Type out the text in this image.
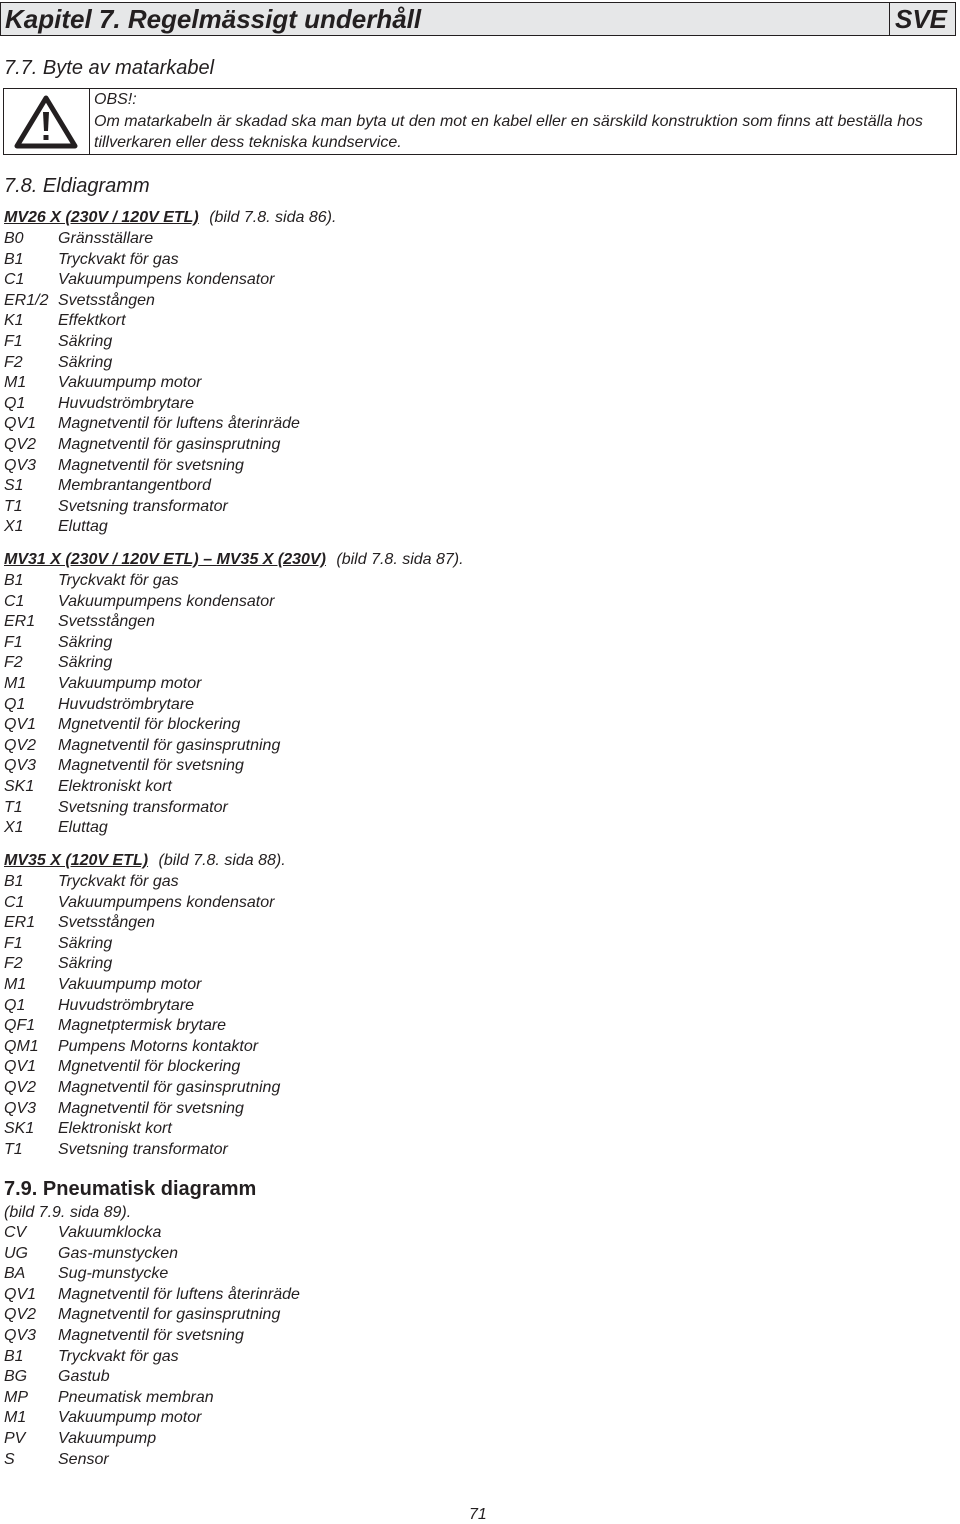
Kapitel 7. Regelmässigt underhåll	SVE
7.7. Byte av matarkabel
OBS!:
Om matarkabeln är skadad ska man byta ut den mot en kabel eller en särskild konstruktion som finns att beställa hos tillverkaren eller dess tekniska kundservice.
7.8. Eldiagramm
MV26 X (230V / 120V ETL) (bild 7.8. sida 86).
B0 Gränsställare
B1 Tryckvakt för gas
C1 Vakuumpumpens kondensator
ER1/2 Svetsstången
K1 Effektkort
F1 Säkring
F2 Säkring
M1 Vakuumpump motor
Q1 Huvudströmbrytare
QV1 Magnetventil för luftens återinräde
QV2 Magnetventil för gasinsprutning
QV3 Magnetventil för svetsning
S1 Membrantangentbord
T1 Svetsning transformator
X1 Eluttag
MV31 X (230V / 120V ETL) – MV35 X (230V) (bild 7.8. sida 87).
B1 Tryckvakt för gas
C1 Vakuumpumpens kondensator
ER1 Svetsstången
F1 Säkring
F2 Säkring
M1 Vakuumpump motor
Q1 Huvudströmbrytare
QV1 Mgnetventil för blockering
QV2 Magnetventil för gasinsprutning
QV3 Magnetventil för svetsning
SK1 Elektroniskt kort
T1 Svetsning transformator
X1 Eluttag
MV35 X (120V ETL) (bild 7.8. sida 88).
B1 Tryckvakt för gas
C1 Vakuumpumpens kondensator
ER1 Svetsstången
F1 Säkring
F2 Säkring
M1 Vakuumpump motor
Q1 Huvudströmbrytare
QF1 Magnetptermisk brytare
QM1 Pumpens Motorns kontaktor
QV1 Mgnetventil för blockering
QV2 Magnetventil för gasinsprutning
QV3 Magnetventil för svetsning
SK1 Elektroniskt kort
T1 Svetsning transformator
7.9. Pneumatisk diagramm
(bild 7.9. sida 89).
CV Vakuumklocka
UG Gas-munstycken
BA Sug-munstycke
QV1 Magnetventil för luftens återinräde
QV2 Magnetventil for gasinsprutning
QV3 Magnetventil för svetsning
B1 Tryckvakt för gas
BG Gastub
MP Pneumatisk membran
M1 Vakuumpump motor
PV Vakuumpump
S	Sensor
71
